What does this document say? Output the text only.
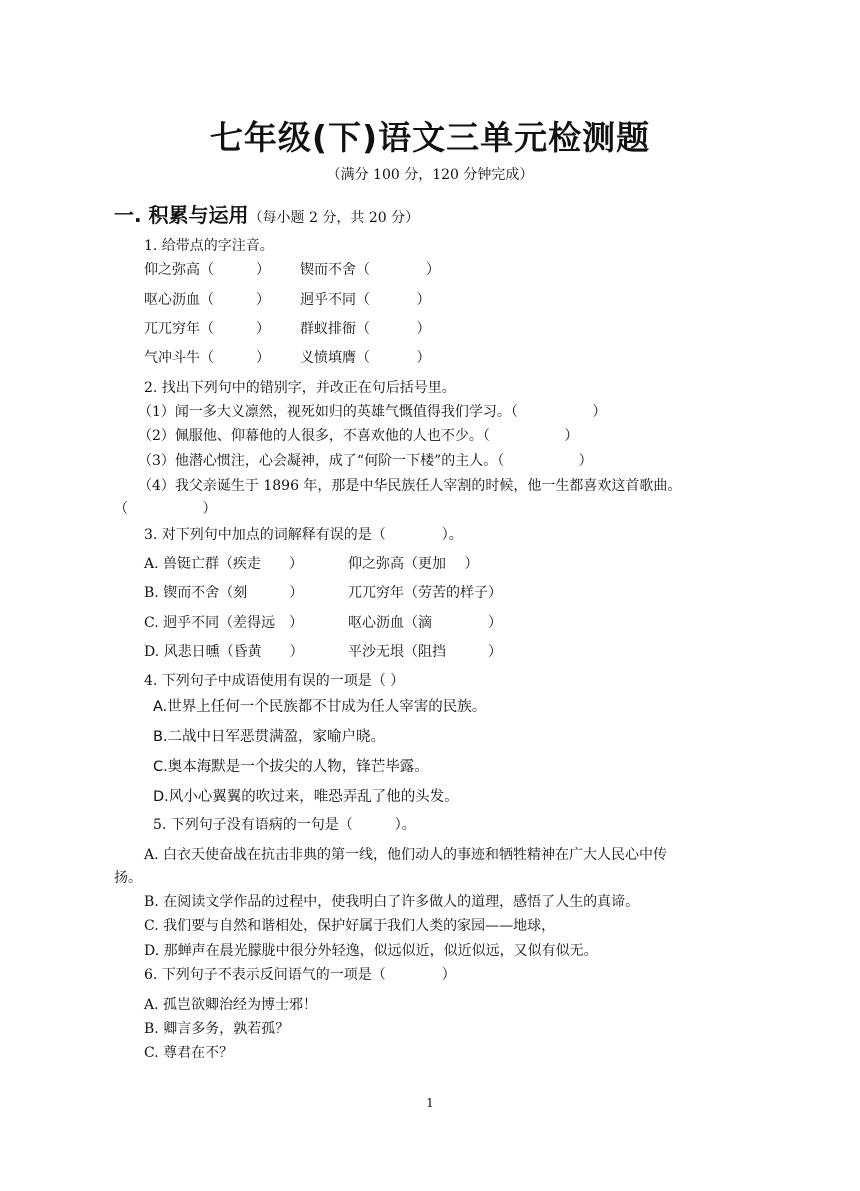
七年级(下)语文三单元检测题
（满分 100 分，120 分钟完成）
一. 积累与运用（每小题 2 分，共 20 分）
1. 给带点的字注音。
仰之弥高（　　　） 锲而不舍（　　　　）
呕心沥血（　　　） 迥乎不同（　　　 ）
兀兀穷年（　　　） 群蚁排衙（　　　 ）
气冲斗牛（　　　） 义愤填膺（　　　 ）
2. 找出下列句中的错别字，并改正在句后括号里。
（1）闻一多大义凛然，视死如归的英雄气慨值得我们学习。（　　　　　 ）
（2）佩服他、仰幕他的人很多，不喜欢他的人也不少。（　　　　　 ）
（3）他潜心惯注，心会凝神，成了“何阶一下楼”的主人。（　　　　　 ）
（4）我父亲诞生于 1896 年，那是中华民族任人宰割的时候，他一生都喜欢这首歌曲。
（　　　　　 ）
3. 对下列句中加点的词解释有误的是（　　　　）。
A. 兽铤亡群（疾走　　）	仰之弥高（更加　 ）
B. 锲而不舍（刻　　　）	兀兀穷年（劳苦的样子）
C. 迥乎不同（差得远　）	呕心沥血（滴　　　　）
D. 风悲日曛（昏黄　　）	平沙无垠（阻挡　　　）
4. 下列句子中成语使用有误的一项是（ ）
A.世界上任何一个民族都不甘成为任人宰害的民族。
B.二战中日军恶贯满盈，家喻户晓。
C.奥本海默是一个拔尖的人物，锋芒毕露。
D.风小心翼翼的吹过来，唯恐弄乱了他的头发。
5. 下列句子没有语病的一句是（　　　）。
A. 白衣天使奋战在抗击非典的第一线，他们动人的事迹和牺牲精神在广大人民心中传
扬。
B. 在阅读文学作品的过程中，使我明白了许多做人的道理，感悟了人生的真谛。
C. 我们要与自然和谐相处，保护好属于我们人类的家园——地球，
D. 那蝉声在晨光朦胧中很分外轻逸，似远似近，似近似远，又似有似无。
6. 下列句子不表示反问语气的一项是（　　　　）
A. 孤岂欲卿治经为博士邪！
B. 卿言多务，孰若孤？
C. 尊君在不？
1
